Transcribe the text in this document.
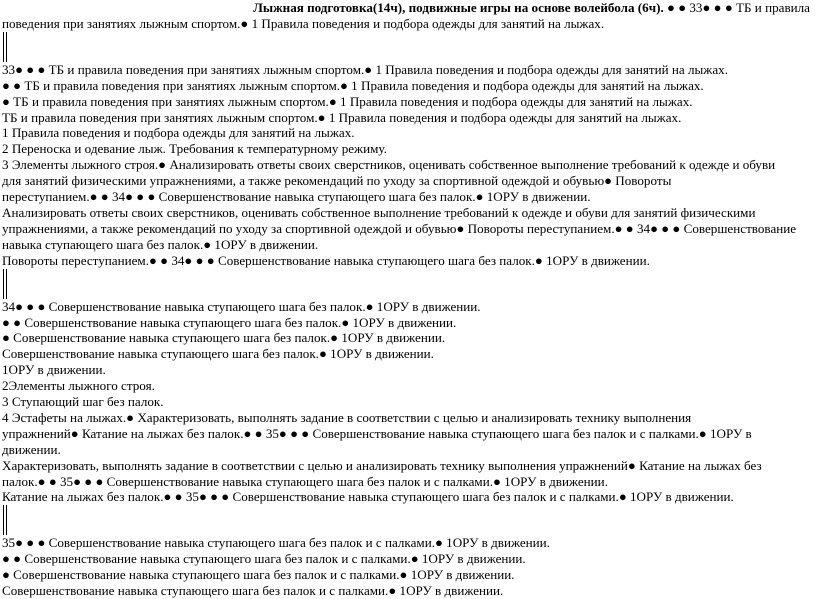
Лыжная подготовка(14ч), подвижные игры на основе волейбола (6ч). ● ● 33● ● ● ТБ и правила

поведения при занятиях лыжным спортом.● 1 Правила поведения и подбора одежды для занятий на лыжах.

33● ● ● ТБ и правила поведения при занятиях лыжным спортом.● 1 Правила поведения и подбора одежды для занятий на лыжах.

● ● ТБ и правила поведения при занятиях лыжным спортом.● 1 Правила поведения и подбора одежды для занятий на лыжах.

● ТБ и правила поведения при занятиях лыжным спортом.● 1 Правила поведения и подбора одежды для занятий на лыжах.

ТБ и правила поведения при занятиях лыжным спортом.● 1 Правила поведения и подбора одежды для занятий на лыжах.

1 Правила поведения и подбора одежды для занятий на лыжах.

2 Переноска и одевание лыж. Требования к температурному режиму.

3 Элементы лыжного строя.● Анализировать ответы своих сверстников, оценивать собственное выполнение требований к одежде и обуви

для занятий физическими упражнениями, а также рекомендаций по уходу за спортивной одеждой и обувью● Повороты

переступанием.● ● 34● ● ● Совершенствование навыка ступающего шага без палок.● 1ОРУ в движении.

Анализировать ответы своих сверстников, оценивать собственное выполнение требований к одежде и обуви для занятий физическими

упражнениями, а также рекомендаций по уходу за спортивной одеждой и обувью● Повороты переступанием.● ● 34● ● ● Совершенствование

навыка ступающего шага без палок.● 1ОРУ в движении.

Повороты переступанием.● ● 34● ● ● Совершенствование навыка ступающего шага без палок.● 1ОРУ в движении.

34● ● ● Совершенствование навыка ступающего шага без палок.● 1ОРУ в движении.

● ● Совершенствование навыка ступающего шага без палок.● 1ОРУ в движении.

● Совершенствование навыка ступающего шага без палок.● 1ОРУ в движении.

Совершенствование навыка ступающего шага без палок.● 1ОРУ в движении.

1ОРУ в движении.

2Элементы лыжного строя.

3 Ступающий шаг без палок.

4 Эстафеты на лыжах.● Характеризовать, выполнять задание в соответствии с целью и анализировать технику выполнения

упражнений● Катание на лыжах без палок.● ● 35● ● ● Совершенствование навыка ступающего шага без палок и с палками.● 1ОРУ в

движении.

Характеризовать, выполнять задание в соответствии с целью и анализировать технику выполнения упражнений● Катание на лыжах без

палок.● ● 35● ● ● Совершенствование навыка ступающего шага без палок и с палками.● 1ОРУ в движении.

Катание на лыжах без палок.● ● 35● ● ● Совершенствование навыка ступающего шага без палок и с палками.● 1ОРУ в движении.

35● ● ● Совершенствование навыка ступающего шага без палок и с палками.● 1ОРУ в движении.

● ● Совершенствование навыка ступающего шага без палок и с палками.● 1ОРУ в движении.

● Совершенствование навыка ступающего шага без палок и с палками.● 1ОРУ в движении.

Совершенствование навыка ступающего шага без палок и с палками.● 1ОРУ в движении.
